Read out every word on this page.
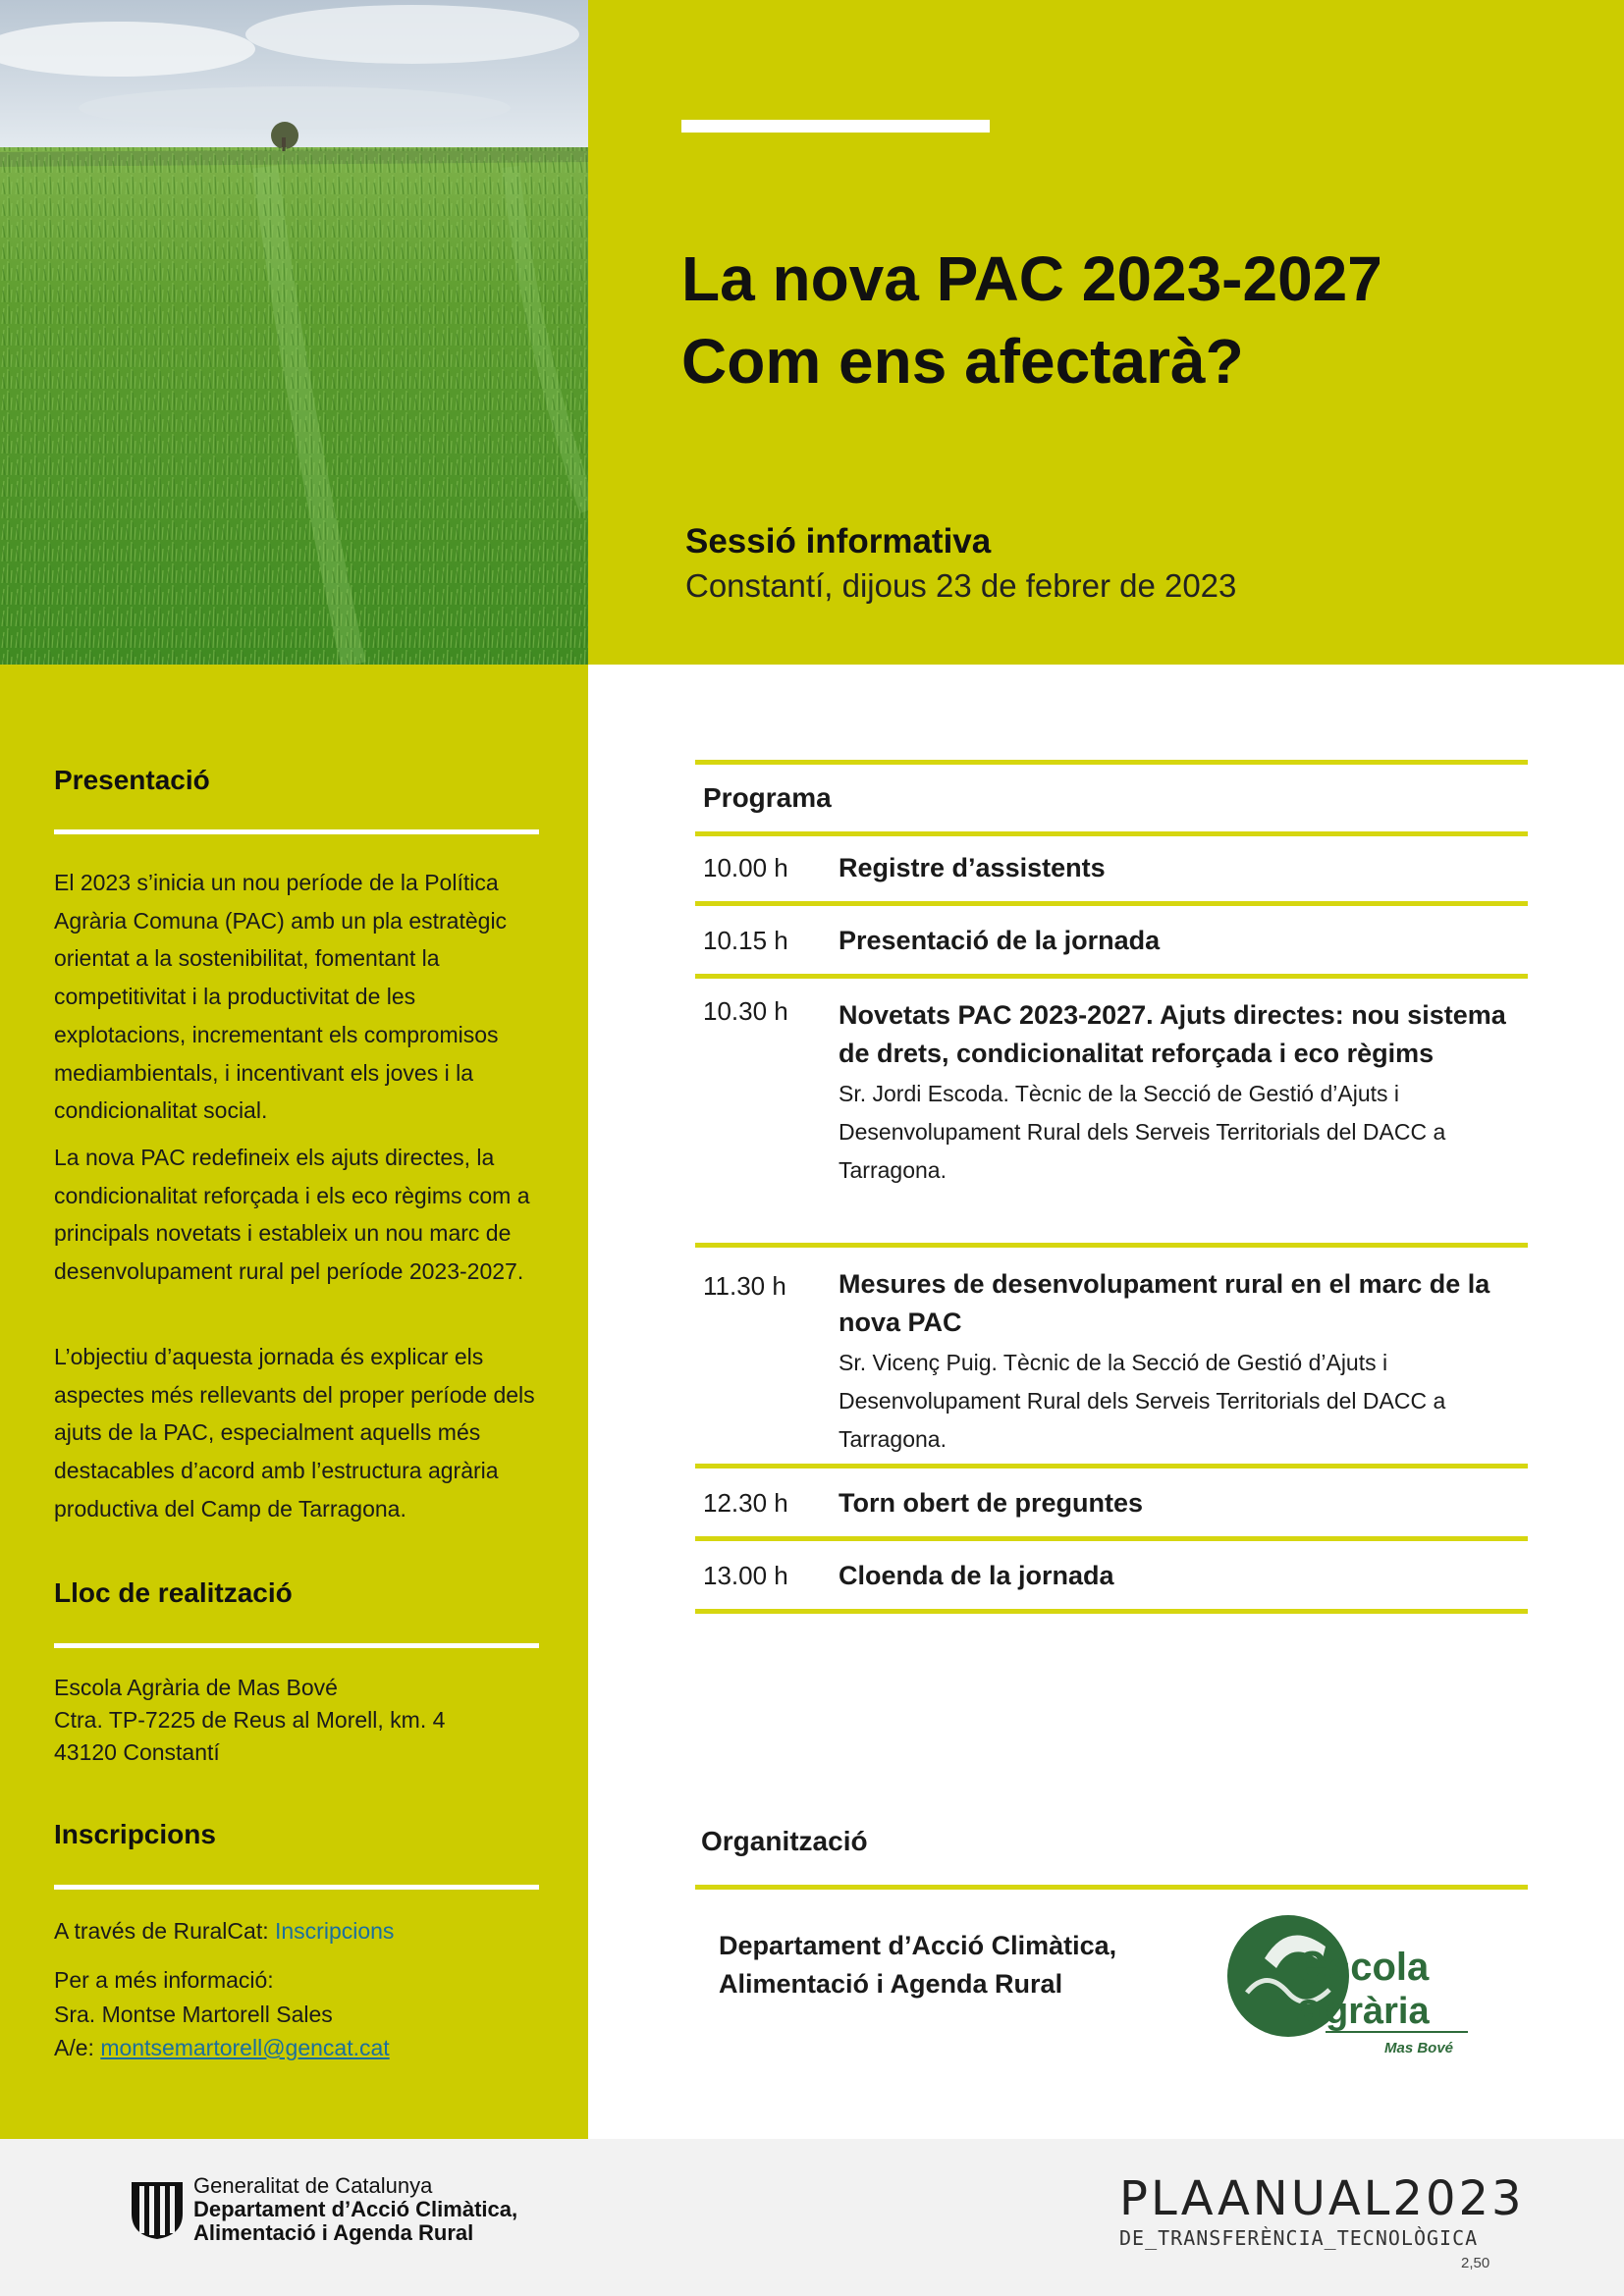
La nova PAC 2023-2027
Com ens afectarà?
Sessió informativa
Constantí, dijous 23 de febrer de 2023
Presentació

El 2023 s’inicia un nou període de la Política Agrària Comuna (PAC) amb un pla estratègic orientat a la sostenibilitat, fomentant la competitivitat i la productivitat de les explotacions, incrementant els compromisos mediambientals, i incentivant els joves i la condicionalitat social.

La nova PAC redefineix els ajuts directes, la condicionalitat reforçada i els eco règims com a principals novetats i estableix un nou marc de desenvolupament rural pel període 2023-2027.

L’objectiu d’aquesta jornada és explicar els aspectes més rellevants del proper període dels ajuts de la PAC, especialment aquells més destacables d’acord amb l’estructura agrària productiva del Camp de Tarragona.

Lloc de realització
Escola Agrària de Mas Bové
Ctra. TP-7225 de Reus al Morell, km. 4
43120 Constantí
Inscripcions
A través de RuralCat: Inscripcions
Per a més informació:
Sra. Montse Martorell Sales
A/e: montsemartorell@gencat.cat
Programa
10.00 h	Registre d’assistents
10.15 h	Presentació de la jornada
10.30 h	Novetats PAC 2023-2027. Ajuts directes: nou sistema de drets, condicionalitat reforçada i eco règims
Sr. Jordi Escoda. Tècnic de la Secció de Gestió d’Ajuts i Desenvolupament Rural dels Serveis Territorials del DACC a Tarragona.
11.30 h	Mesures de desenvolupament rural en el marc de la nova PAC
Sr. Vicenç Puig. Tècnic de la Secció de Gestió d’Ajuts i Desenvolupament Rural dels Serveis Territorials del DACC a Tarragona.
12.30 h	Torn obert de preguntes
13.00 h	Cloenda de la jornada
Organització
Departament d’Acció Climàtica, Alimentació i Agenda Rural	e scola
a grària
Mas Bové
Generalitat de Catalunya
Departament d’Acció Climàtica,
Alimentació i Agenda Rural
PLAANUAL2023
DE_TRANSFERÈNCIA_TECNOLÒGICA
2,50
